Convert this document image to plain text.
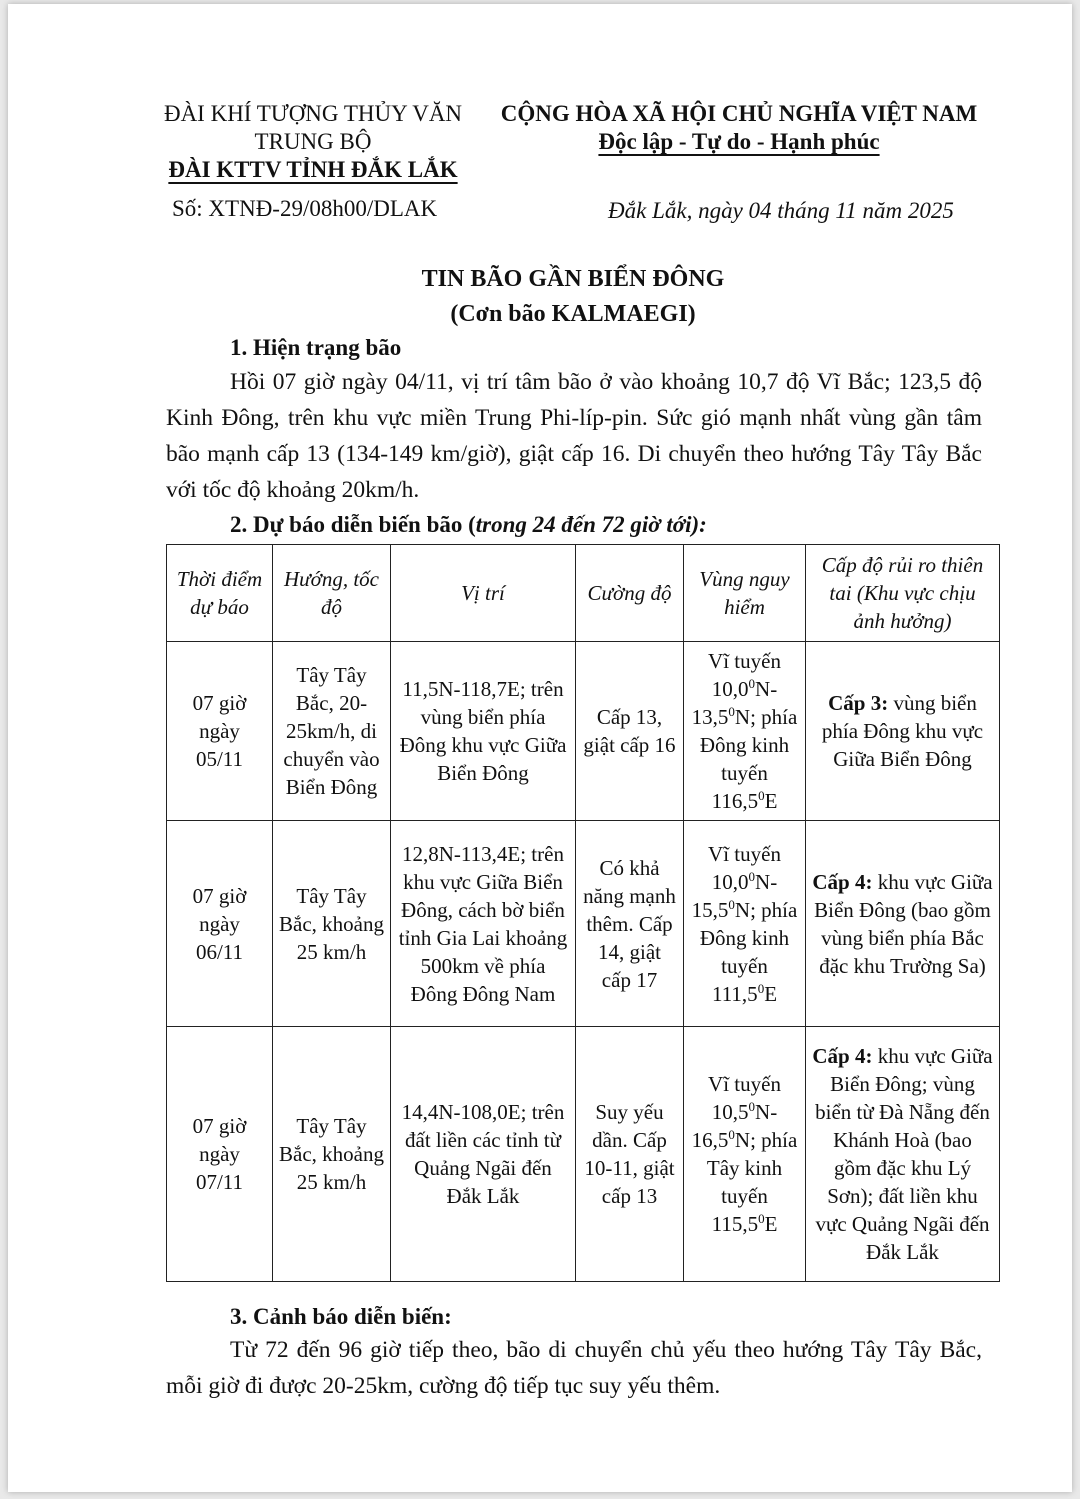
ĐÀI KHÍ TƯỢNG THỦY VĂN
TRUNG BỘ
ĐÀI KTTV TỈNH ĐẮK LẮK
CỘNG HÒA XÃ HỘI CHỦ NGHĨA VIỆT NAM
Độc lập - Tự do - Hạnh phúc
Số: XTNĐ-29/08h00/DLAK	Đắk Lắk, ngày 04 tháng 11 năm 2025
TIN BÃO GẦN BIỂN ĐÔNG
(Cơn bão KALMAEGI)
1. Hiện trạng bão
Hồi 07 giờ ngày 04/11, vị trí tâm bão ở vào khoảng 10,7 độ Vĩ Bắc; 123,5 độ Kinh Đông, trên khu vực miền Trung Phi-líp-pin. Sức gió mạnh nhất vùng gần tâm bão mạnh cấp 13 (134-149 km/giờ), giật cấp 16. Di chuyển theo hướng Tây Tây Bắc với tốc độ khoảng 20km/h.
2. Dự báo diễn biến bão (trong 24 đến 72 giờ tới):
Thời điểm dự báo	Hướng, tốc độ	Vị trí	Cường độ	Vùng nguy hiểm	Cấp độ rủi ro thiên tai (Khu vực chịu ảnh hưởng)
07 giờ ngày 05/11	Tây Tây Bắc, 20-25km/h, di chuyển vào Biển Đông	11,5N-118,7E; trên vùng biển phía Đông khu vực Giữa Biển Đông	Cấp 13, giật cấp 16	Vĩ tuyến 10,0$^0$N-13,5$^0$N; phía Đông kinh tuyến 116,5$^0$E	Cấp 3: vùng biển phía Đông khu vực Giữa Biển Đông
07 giờ ngày 06/11	Tây Tây Bắc, khoảng 25 km/h	12,8N-113,4E; trên khu vực Giữa Biển Đông, cách bờ biển tỉnh Gia Lai khoảng 500km về phía Đông Đông Nam	Có khả năng mạnh thêm. Cấp 14, giật cấp 17	Vĩ tuyến 10,0$^0$N-15,5$^0$N; phía Đông kinh tuyến 111,5$^0$E	Cấp 4: khu vực Giữa Biển Đông (bao gồm vùng biển phía Bắc đặc khu Trường Sa)
07 giờ ngày 07/11	Tây Tây Bắc, khoảng 25 km/h	14,4N-108,0E; trên đất liền các tỉnh từ Quảng Ngãi đến Đắk Lắk	Suy yếu dần. Cấp 10-11, giật cấp 13	Vĩ tuyến 10,5$^0$N-16,5$^0$N; phía Tây kinh tuyến 115,5$^0$E	Cấp 4: khu vực Giữa Biển Đông; vùng biển từ Đà Nẵng đến Khánh Hoà (bao gồm đặc khu Lý Sơn); đất liền khu vực Quảng Ngãi đến Đắk Lắk
3. Cảnh báo diễn biến:
Từ 72 đến 96 giờ tiếp theo, bão di chuyển chủ yếu theo hướng Tây Tây Bắc, mỗi giờ đi được 20-25km, cường độ tiếp tục suy yếu thêm.
